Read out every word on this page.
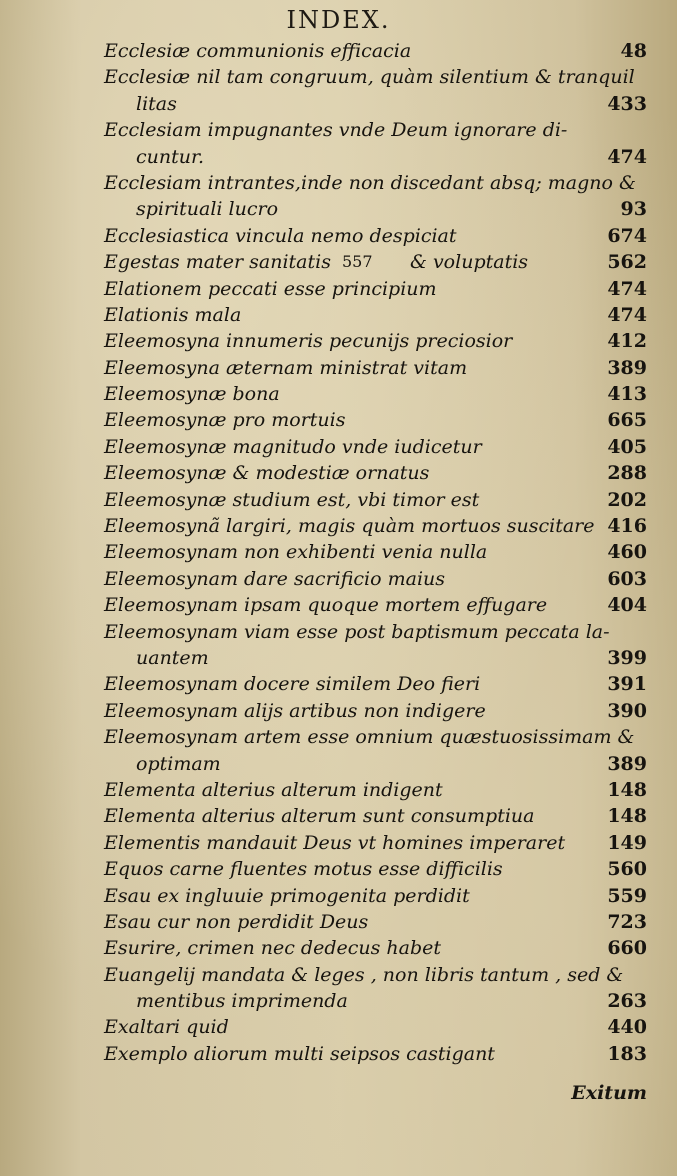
INDEX.
Ecclesiæ communionis efficacia	48
Ecclesiæ nil tam congruum, quàm silentium & tranquil
litas	433
Ecclesiam impugnantes vnde Deum ignorare di-
cuntur.	474
Ecclesiam intrantes,inde non discedant absq; magno &
spirituali lucro	93
Ecclesiastica vincula nemo despiciat	674
Egestas mater sanitatis 557 & voluptatis	562
Elationem peccati esse principium	474
Elationis mala	474
Eleemosyna innumeris pecunijs preciosior	412
Eleemosyna æternam ministrat vitam	389
Eleemosynæ bona	413
Eleemosynæ pro mortuis	665
Eleemosynæ magnitudo vnde iudicetur	405
Eleemosynæ & modestiæ ornatus	288
Eleemosynæ studium est, vbi timor est	202
Eleemosynã largiri, magis quàm mortuos suscitare 416
Eleemosynam non exhibenti venia nulla	460
Eleemosynam dare sacrificio maius	603
Eleemosynam ipsam quoque mortem effugare	404
Eleemosynam viam esse post baptismum peccata la-
uantem	399
Eleemosynam docere similem Deo fieri	391
Eleemosynam alijs artibus non indigere	390
Eleemosynam artem esse omnium quæstuosissimam &
optimam	389
Elementa alterius alterum indigent	148
Elementa alterius alterum sunt consumptiua	148
Elementis mandauit Deus vt homines imperaret 149
Equos carne fluentes motus esse difficilis	560
Esau ex ingluuie primogenita perdidit	559
Esau cur non perdidit Deus	723
Esurire, crimen nec dedecus habet	660
Euangelij mandata & leges , non libris tantum , sed &
mentibus imprimenda	263
Exaltari quid	440
Exemplo aliorum multi seipsos castigant	183
Exitum
